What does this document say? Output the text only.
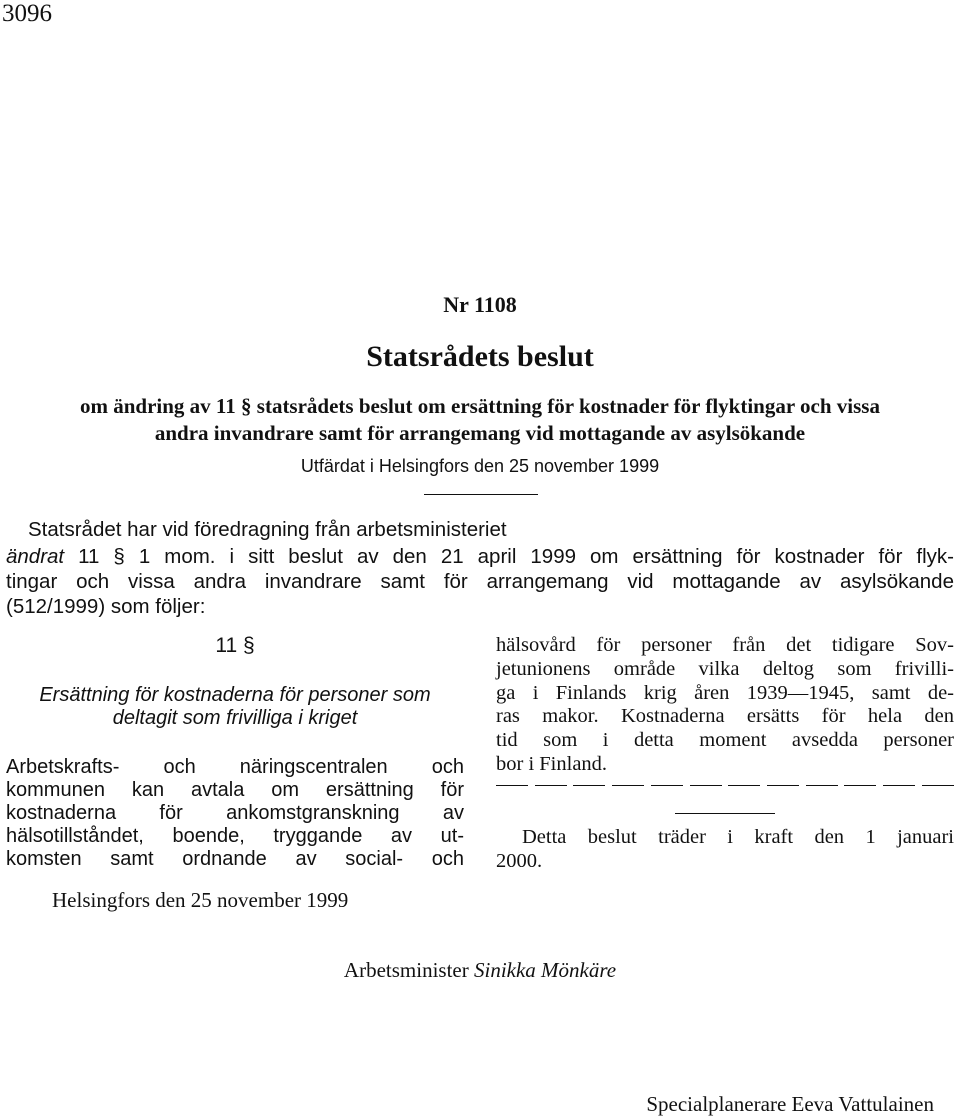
3096
Nr 1108
Statsrådets beslut
om ändring av 11 § statsrådets beslut om ersättning för kostnader för flyktingar och vissa
andra invandrare samt för arrangemang vid mottagande av asylsökande
Utfärdat i Helsingfors den 25 november 1999
Statsrådet har vid föredragning från arbetsministeriet

ändrat 11 § 1 mom. i sitt beslut av den 21 april 1999 om ersättning för kostnader för flyk-

tingar och vissa andra invandrare samt för arrangemang vid mottagande av asylsökande

(512/1999) som följer:

11 §
Ersättning för kostnaderna för personer som
deltagit som frivilliga i kriget
Arbetskrafts- och näringscentralen och
kommunen kan avtala om ersättning för
kostnaderna för ankomstgranskning av
hälsotillståndet, boende, tryggande av ut-
komsten samt ordnande av social- och
hälsovård för personer från det tidigare Sov-
jetunionens område vilka deltog som frivilli-
ga i Finlands krig åren 1939—1945, samt de-
ras makor. Kostnaderna ersätts för hela den
tid som i detta moment avsedda personer
bor i Finland.
Detta beslut träder i kraft den 1 januari
2000.
Helsingfors den 25 november 1999
Arbetsminister Sinikka Mönkäre
Specialplanerare Eeva Vattulainen
